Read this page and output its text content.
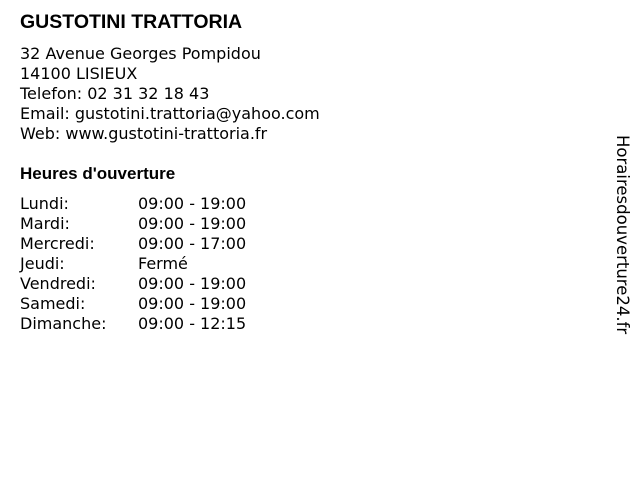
GUSTOTINI TRATTORIA
32 Avenue Georges Pompidou
14100 LISIEUX
Telefon: 02 31 32 18 43
Email: gustotini.trattoria@yahoo.com
Web: www.gustotini-trattoria.fr
Heures d'ouverture
Lundi:	09:00 - 19:00
Mardi:	09:00 - 19:00
Mercredi:	09:00 - 17:00
Jeudi:	Fermé
Vendredi:	09:00 - 19:00
Samedi:	09:00 - 19:00
Dimanche: 09:00 - 12:15	Horairesdouverture24.fr
